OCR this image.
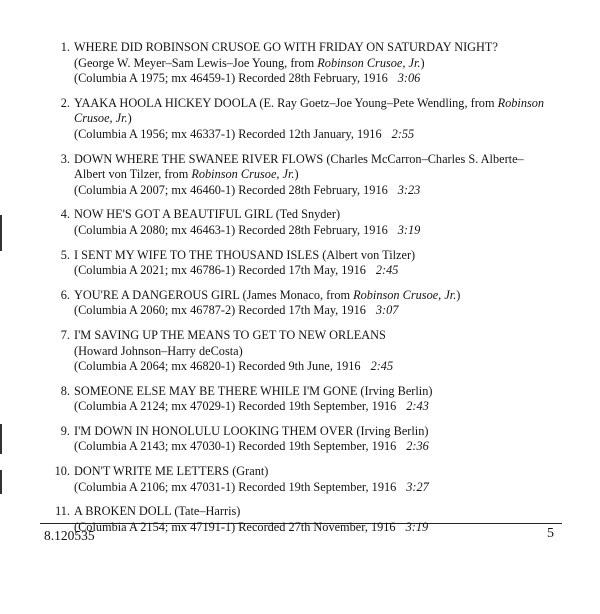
1. WHERE DID ROBINSON CRUSOE GO WITH FRIDAY ON SATURDAY NIGHT?
(George W. Meyer–Sam Lewis–Joe Young, from Robinson Crusoe, Jr.)
(Columbia A 1975; mx 46459-1) Recorded 28th February, 1916 3:06
2. YAAKA HOOLA HICKEY DOOLA (E. Ray Goetz–Joe Young–Pete Wendling, from Robinson Crusoe, Jr.)
(Columbia A 1956; mx 46337-1) Recorded 12th January, 1916 2:55
3. DOWN WHERE THE SWANEE RIVER FLOWS (Charles McCarron–Charles S. Alberte–Albert von Tilzer, from Robinson Crusoe, Jr.)
(Columbia A 2007; mx 46460-1) Recorded 28th February, 1916 3:23
4. NOW HE'S GOT A BEAUTIFUL GIRL (Ted Snyder)
(Columbia A 2080; mx 46463-1) Recorded 28th February, 1916 3:19
5. I SENT MY WIFE TO THE THOUSAND ISLES (Albert von Tilzer)
(Columbia A 2021; mx 46786-1) Recorded 17th May, 1916 2:45
6. YOU'RE A DANGEROUS GIRL (James Monaco, from Robinson Crusoe, Jr.)
(Columbia A 2060; mx 46787-2) Recorded 17th May, 1916 3:07
7. I'M SAVING UP THE MEANS TO GET TO NEW ORLEANS
(Howard Johnson–Harry deCosta)
(Columbia A 2064; mx 46820-1) Recorded 9th June, 1916 2:45
8. SOMEONE ELSE MAY BE THERE WHILE I'M GONE (Irving Berlin)
(Columbia A 2124; mx 47029-1) Recorded 19th September, 1916 2:43
9. I'M DOWN IN HONOLULU LOOKING THEM OVER (Irving Berlin)
(Columbia A 2143; mx 47030-1) Recorded 19th September, 1916 2:36
10. DON'T WRITE ME LETTERS (Grant)
(Columbia A 2106; mx 47031-1) Recorded 19th September, 1916 3:27
11. A BROKEN DOLL (Tate–Harris)
(Columbia A 2154; mx 47191-1) Recorded 27th November, 1916 3:19
8.120535	5
